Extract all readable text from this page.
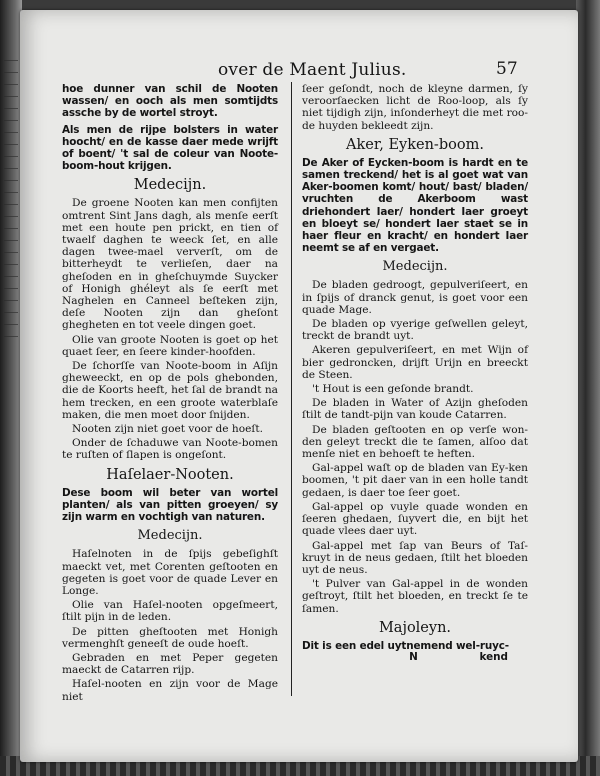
over de Maent Julius.	57
hoe dunner van schil de Nooten wassen/ en ooch als men somtijdts assche by de wortel stroyt.
Als men de rijpe bolsters in water hoocht/ en de kasse daer mede wrijft of boent/ 't sal de coleur van Noote-boom-hout krijgen.
Medecijn.
De groene Nooten kan men confijten omtrent Sint Jans dagh, als menſe eerſt met een houte pen prickt, en tien of twaelf daghen te weeck ſet, en alle dagen twee-mael ververſt, om de bitterheydt te verlieſen, daer na gheſoden en in gheſchuymde Suycker of Honigh ghéleyt als ſe eerſt met Naghelen en Canneel beſteken zijn, deſe Nooten zijn dan gheſont ghegheten en tot veele dingen goet.
Olie van groote Nooten is goet op het quaet ſeer, en ſeere kinder-hoofden.
De ſchorſſe van Noote-boom in Aſijn gheweeckt, en op de pols ghebonden, die de Koorts heeft, het ſal de brandt na hem trecken, en een groote waterblaſe maken, die men moet door ſnijden.
Nooten zijn niet goet voor de hoeſt.
Onder de ſchaduwe van Noote-bomen te ruſten of ſlapen is ongeſont.
Haſelaer-Nooten.
Dese boom wil beter van wortel planten/ als van pitten groeyen/ sy zijn warm en vochtigh van naturen.
Medecijn.
Haſelnoten in de ſpijs gebeſighſt maeckt vet, met Corenten geſtooten en gegeten is goet voor de quade Lever en Longe.
Olie van Haſel-nooten opgeſmeert, ſtilt pijn in de leden.
De pitten gheſtooten met Honigh vermenghſt geneeſt de oude hoeſt.
Gebraden en met Peper gegeten maeckt de Catarren rijp.
Haſel-nooten en zijn voor de Mage niet
ſeer geſondt, noch de kleyne darmen, ſy veroorſaecken licht de Roo-loop, als ſy niet tijdigh zijn, inſonderheyt die met roo-de huyden bekleedt zijn.
Aker, Eyken-boom.
De Aker of Eycken-boom is hardt en te samen treckend/ het is al goet wat van Aker-boomen komt/ hout/ bast/ bladen/ vruchten de Akerboom wast driehondert Iaer/ hondert Iaer groeyt en bloeyt se/ hondert Iaer staet se in haer fleur en kracht/ en hondert Iaer neemt se af en vergaet.
Medecijn.
De bladen gedroogt, gepulveriſeert, en in ſpijs of dranck genut, is goet voor een quade Mage.
De bladen op vyerige geſwellen geleyt, treckt de brandt uyt.
Akeren gepulveriſeert, en met Wijn of bier gedroncken, drijft Urijn en breeckt de Steen.
't Hout is een geſonde brandt.
De bladen in Water of Azijn gheſoden ſtilt de tandt-pijn van koude Catarren.
De bladen geſtooten en op verſe won-den geleyt treckt die te ſamen, alſoo dat menſe niet en behoeft te heften.
Gal-appel waſt op de bladen van Ey-ken boomen, 't pit daer van in een holle tandt gedaen, is daer toe ſeer goet.
Gal-appel op vuyle quade wonden en ſeeren ghedaen, ſuyvert die, en bijt het quade vlees daer uyt.
Gal-appel met ſap van Beurs of Taſ-kruyt in de neus gedaen, ſtilt het bloeden uyt de neus.
't Pulver van Gal-appel in de wonden geſtroyt, ſtilt het bloeden, en treckt ſe te ſamen.
Majoleyn.
Dit is een edel uytnemend wel-ruyc-
N	kend
